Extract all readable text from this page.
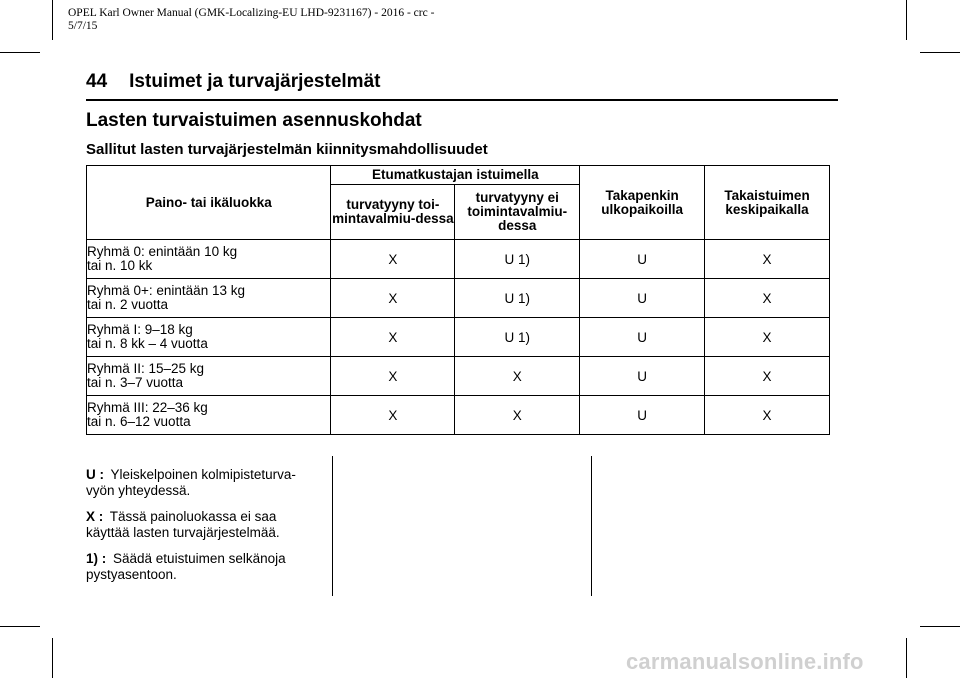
OPEL Karl Owner Manual (GMK-Localizing-EU LHD-9231167) - 2016 - crc -
5/7/15
44 Istuimet ja turvajärjestelmät
Lasten turvaistuimen asennuskohdat
Sallitut lasten turvajärjestelmän kiinnitysmahdollisuudet
Paino- tai ikäluokka	Etumatkustajan istuimella		Takapenkin ulkopaikoilla	Takaistuimen keskipaikalla
	turvatyyny toi-mintavalmiu-dessa	turvatyyny ei toimintavalmiu-dessa		

Ryhmä 0: enintään 10 kg
tai n. 10 kk	X	U 1)	U	X

Ryhmä 0+: enintään 13 kg
tai n. 2 vuotta	X	U 1)	U	X

Ryhmä I: 9–18 kg
tai n. 8 kk – 4 vuotta	X	U 1)	U	X

Ryhmä II: 15–25 kg
tai n. 3–7 vuotta	X	X	U	X

Ryhmä III: 22–36 kg
tai n. 6–12 vuotta	X	X	U	X

U : Yleiskelpoinen kolmipisteturva-vyön yhteydessä.

X : Tässä painoluokassa ei saa käyttää lasten turvajärjestelmää.

1) : Säädä etuistuimen selkänoja pystyasentoon.

carmanualsonline.info
